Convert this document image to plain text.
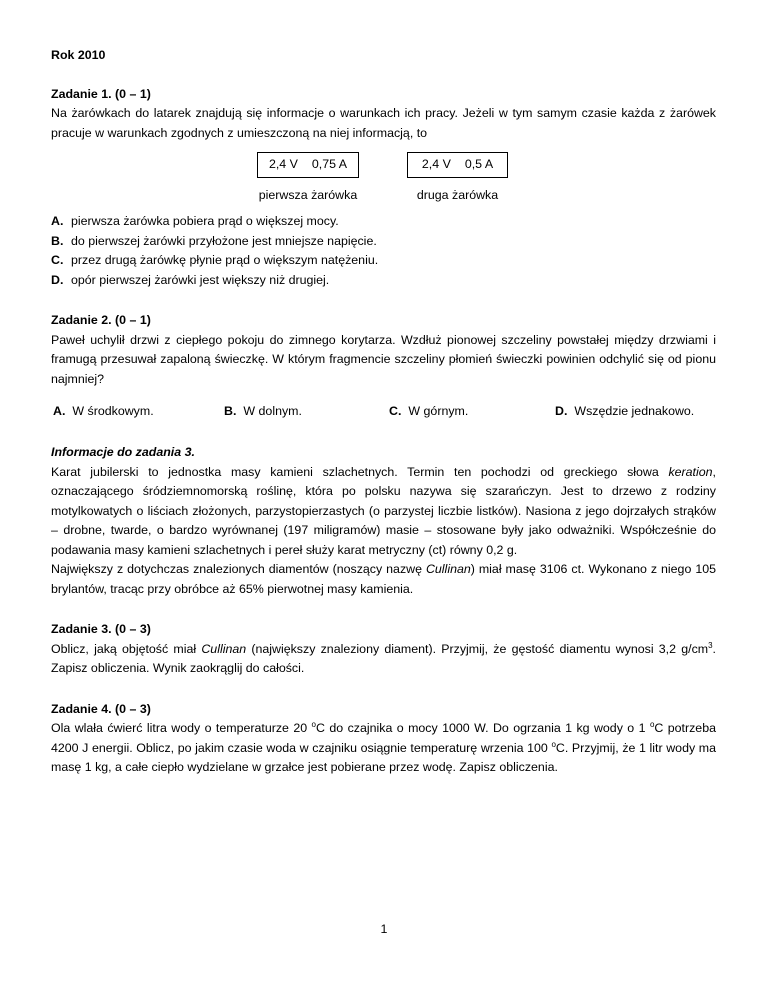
Rok 2010
Zadanie 1. (0 – 1)

Na żarówkach do latarek znajdują się informacje o warunkach ich pracy. Jeżeli w tym samym czasie każda z żarówek pracuje w warunkach zgodnych z umieszczoną na niej informacją, to

2,4 V 0,75 A
pierwsza żarówka
2,4 V 0,5 A
druga żarówka
A. pierwsza żarówka pobiera prąd o większej mocy.
B. do pierwszej żarówki przyłożone jest mniejsze napięcie.
C. przez drugą żarówkę płynie prąd o większym natężeniu.
D. opór pierwszej żarówki jest większy niż drugiej.
Zadanie 2. (0 – 1)

Paweł uchylił drzwi z ciepłego pokoju do zimnego korytarza. Wzdłuż pionowej szczeliny powstałej między drzwiami i framugą przesuwał zapaloną świeczkę. W którym fragmencie szczeliny płomień świeczki powinien odchylić się od pionu najmniej?

A. W środkowym.	B. W dolnym.	C. W górnym.	D. Wszędzie jednakowo.
Informacje do zadania 3.

Karat jubilerski to jednostka masy kamieni szlachetnych. Termin ten pochodzi od greckiego słowa keration, oznaczającego śródziemnomorską roślinę, która po polsku nazywa się szarańczyn. Jest to drzewo z rodziny motylkowatych o liściach złożonych, parzystopierzastych (o parzystej liczbie listków). Nasiona z jego dojrzałych strąków – drobne, twarde, o bardzo wyrównanej (197 miligramów) masie – stosowane były jako odważniki. Współcześnie do podawania masy kamieni szlachetnych i pereł służy karat metryczny (ct) równy 0,2 g.

Największy z dotychczas znalezionych diamentów (noszący nazwę Cullinan) miał masę 3106 ct. Wykonano z niego 105 brylantów, tracąc przy obróbce aż 65% pierwotnej masy kamienia.

Zadanie 3. (0 – 3)

Oblicz, jaką objętość miał Cullinan (największy znaleziony diament). Przyjmij, że gęstość diamentu wynosi 3,2 $g/cm^3$. Zapisz obliczenia. Wynik zaokrąglij do całości.

Zadanie 4. (0 – 3)

Ola wlała ćwierć litra wody o temperaturze 20 $^o$C do czajnika o mocy 1000 W. Do ogrzania 1 kg wody o 1 $^o$C potrzeba 4200 J energii. Oblicz, po jakim czasie woda w czajniku osiągnie temperaturę wrzenia 100 $^o$C. Przyjmij, że 1 litr wody ma masę 1 kg, a całe ciepło wydzielane w grzałce jest pobierane przez wodę. Zapisz obliczenia.

1
